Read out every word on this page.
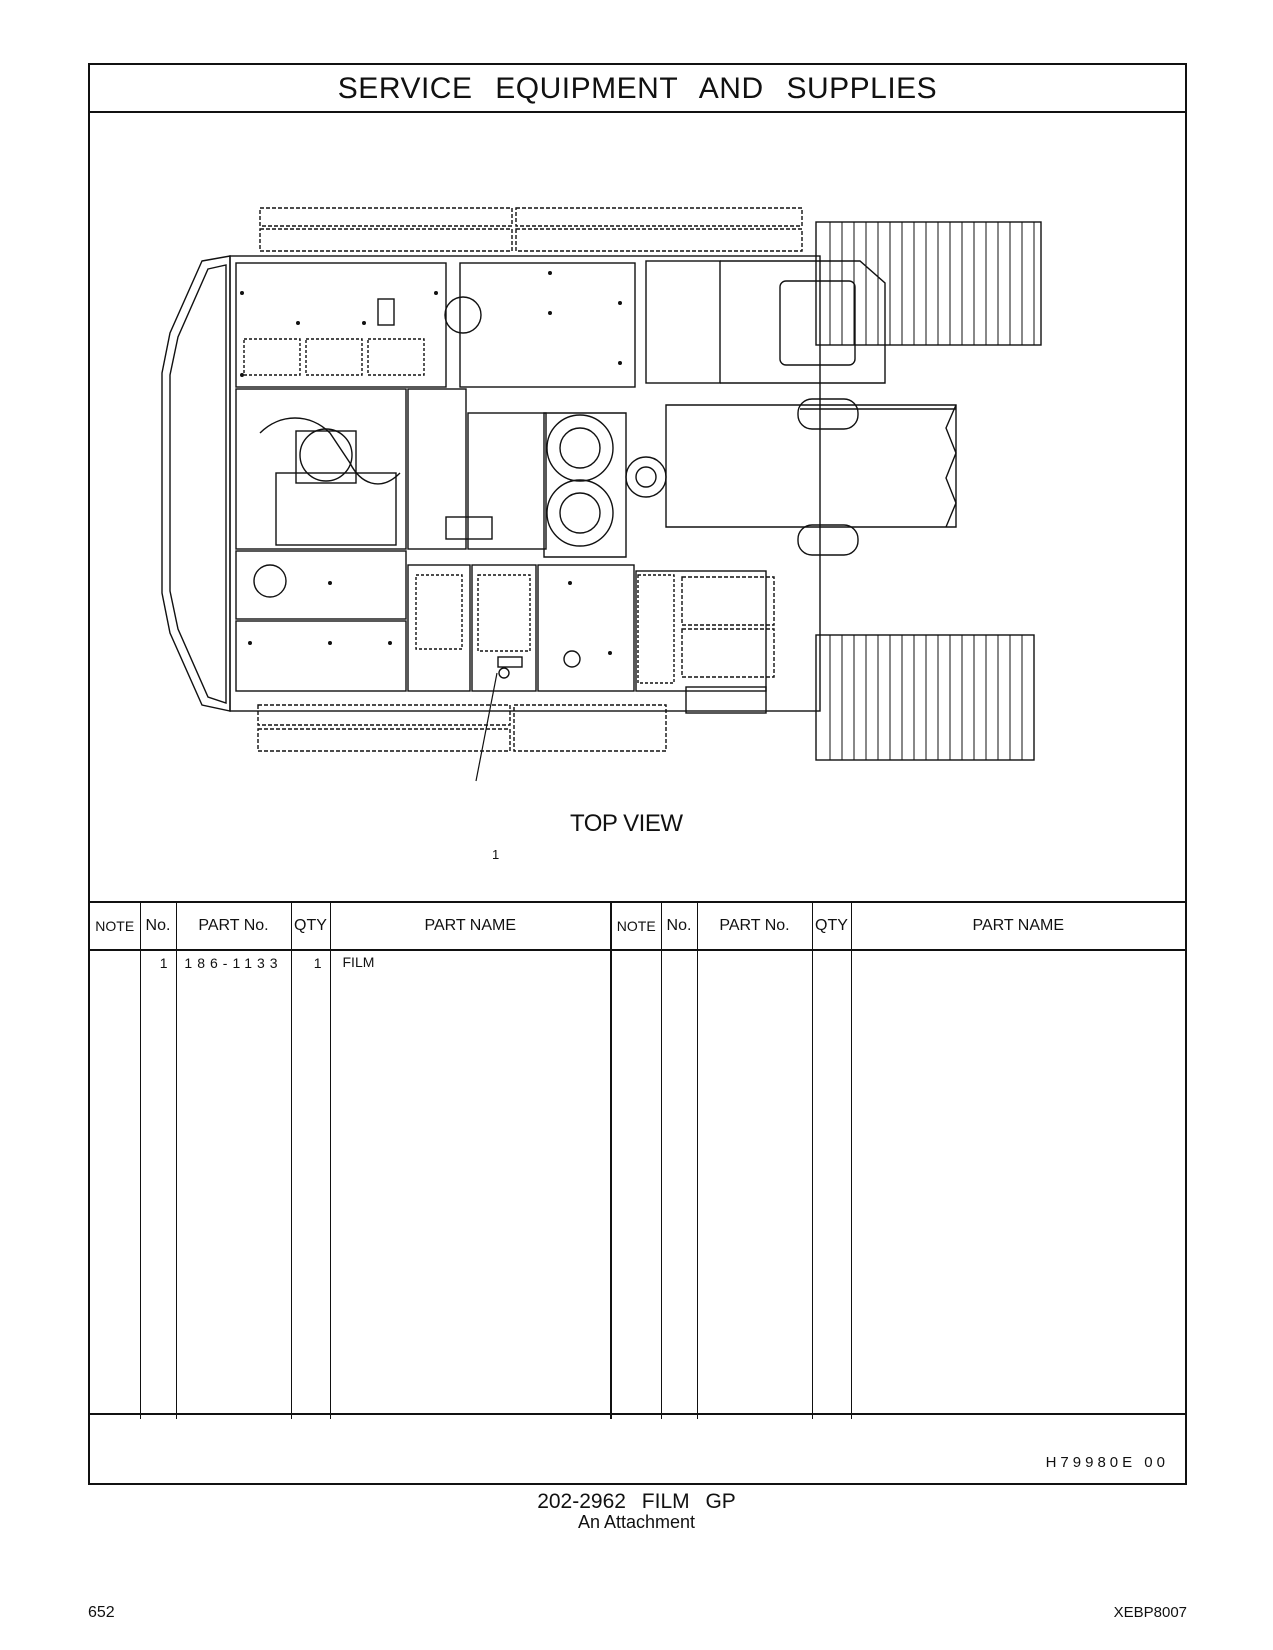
SERVICE EQUIPMENT AND SUPPLIES
1
TOP VIEW
NOTE	No.	PART No.	QTY	PART NAME	NOTE	No.	PART No.	QTY	PART NAME
	1	186-1133	1	FILM					
H79980E 00
202-2962 FILM GP
An Attachment
652	XEBP8007
